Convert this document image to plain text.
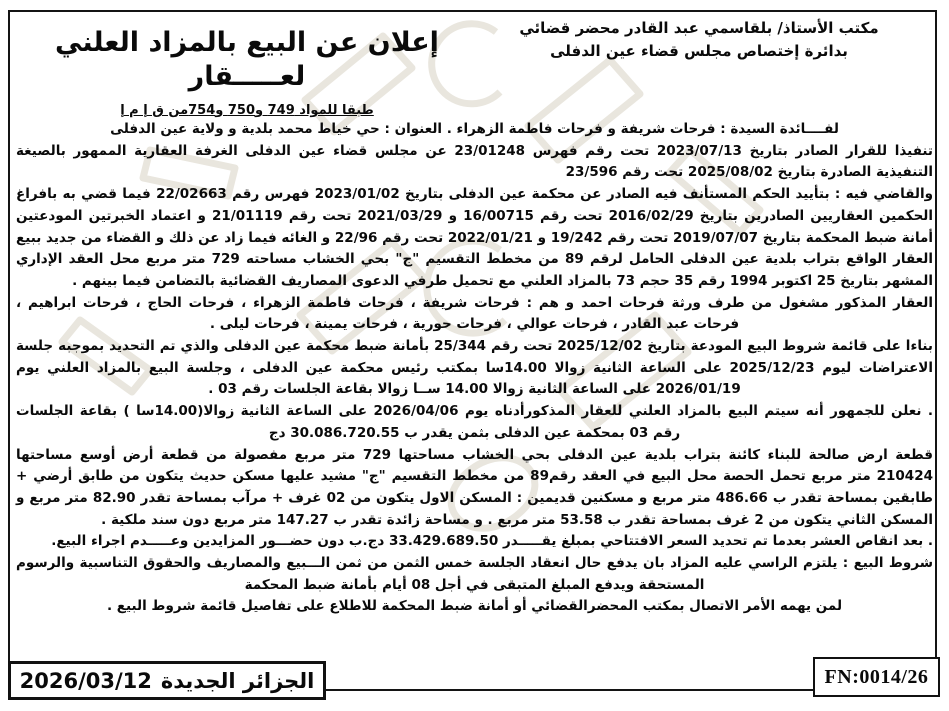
مكتب الأستاذ/ بلقاسمي عبد القادر محضر قضائي
بدائرة إختصاص مجلس قضاء عين الدفلى
إعلان عن البيع بالمزاد العلني لعـــــقار
طبقا للمواد 749 و750 و754من ق إ م إ

لفــــائدة السيدة : فرحات شريفة و فرحات فاطمة الزهراء . العنوان : حي خياط محمد بلدية و ولاية عين الدفلى

تنفيذا للقرار الصادر بتاريخ 2023/07/13 تحت رقم فهرس 23/01248 عن مجلس قضاء عين الدفلى الغرفة العقارية الممهور بالصيغة التنفيذية الصادرة بتاريخ 2025/08/02 تحت رقم 23/596

والقاضي فيه : بتأييد الحكم المستأنف فيه الصادر عن محكمة عين الدفلى بتاريخ 2023/01/02 فهرس رقم 22/02663 فيما قضي به بافراغ الحكمين العقاريين الصادرين بتاريخ 2016/02/29 تحت رقم 16/00715 و 2021/03/29 تحت رقم 21/01119 و اعتماد الخبرتين المودعتين أمانة ضبط المحكمة بتاريخ 2019/07/07 تحت رقم 19/242 و 2022/01/21 تحت رقم 22/96 و الغائه فيما زاد عن ذلك و القضاء من جديد ببيع العقار الواقع بتراب بلدية عين الدفلى الحامل لرقم 89 من مخطط التقسيم "ج" بحي الخشاب مساحته 729 متر مربع محل العقد الإداري المشهر بتاريخ 25 اكتوبر 1994 رقم 35 حجم 73 بالمزاد العلني مع تحميل طرفي الدعوى المصاريف القضائية بالتضامن فيما بينهم .

العقار المذكور مشغول من طرف ورثة فرحات احمد و هم : فرحات شريفة ، فرحات فاطمة الزهراء ، فرحات الحاج ، فرحات ابراهيم ، فرحات عبد القادر ، فرحات عوالي ، فرحات حورية ، فرحات يمينة ، فرحات ليلى .

بناءا على قائمة شروط البيع المودعة بتاريخ 2025/12/02 تحت رقم 25/344 بأمانة ضبط محكمة عين الدفلى والذي تم التحديد بموجبه جلسة الاعتراضات ليوم 2025/12/23 على الساعة الثانية زوالا 14.00سا بمكتب رئيس محكمة عين الدفلى ، وجلسة البيع بالمزاد العلني يوم 2026/01/19 على الساعة الثانية زوالا 14.00 ســا زوالا بقاعة الجلسات رقم 03 .

. نعلن للجمهور أنه سيتم البيع بالمزاد العلني للعقار المذكورأدناه يوم 2026/04/06 على الساعة الثانية زوالا(14.00سا ) بقاعة الجلسات رقم 03 بمحكمة عين الدفلى بثمن يقدر ب 30.086.720.55 دج

قطعة ارض صالحة للبناء كائنة بتراب بلدية عين الدفلى بحي الخشاب مساحتها 729 متر مربع مفصولة من قطعة أرض أوسع مساحتها 210424 متر مربع تحمل الحصة محل البيع في العقد رقم89 من مخطط التقسيم "ج" مشيد عليها مسكن حديث يتكون من طابق أرضي + طابقين بمساحة تقدر ب 486.66 متر مربع و مسكنين قديمين : المسكن الاول يتكون من 02 غرف + مرآب بمساحة تقدر 82.90 متر مربع و المسكن الثاني يتكون من 2 غرف بمساحة تقدر ب 53.58 متر مربع . و مساحة زائدة تقدر ب 147.27 متر مربع دون سند ملكية .

. بعد انقاص العشر بعدما تم تحديد السعر الافتتاحي بمبلغ يقـــــدر 33.429.689.50 دج.ب دون حضـــور المزايدين وعـــــدم اجراء البيع.

شروط البيع : يلتزم الراسي عليه المزاد بان يدفع حال انعقاد الجلسة خمس الثمن من ثمن الـــبيع والمصاريف والحقوق التناسبية والرسوم المستحقة ويدفع المبلغ المتبقى في أجل 08 أيام بأمانة ضبط المحكمة

لمن يهمه الأمر الاتصال بمكتب المحضرالقضائي أو أمانة ضبط المحكمة للاطلاع على تفاصيل قائمة شروط البيع .

الجزائر الجديدة
2026/03/12	FN:0014/26
